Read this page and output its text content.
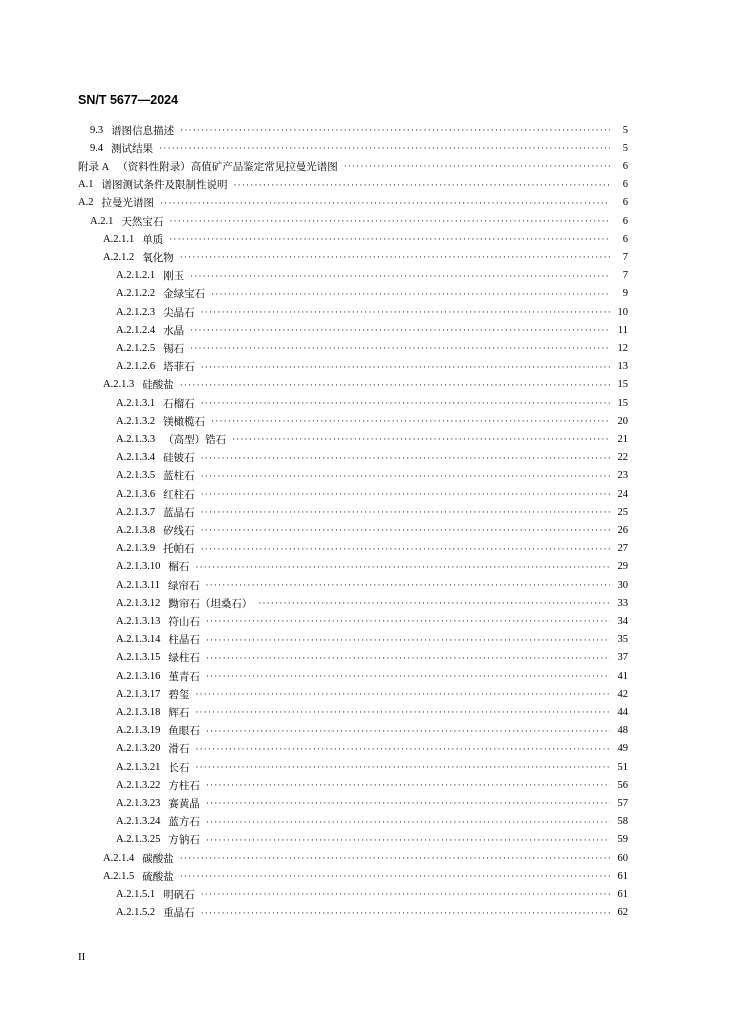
SN/T 5677—2024
9.3 谱图信息描述 ·····	5
9.4 测试结果 ·····	5
附录 A （资料性附录）高值矿产品鉴定常见拉曼光谱图 ·····	6
A.1 谱图测试条件及限制性说明 ·····	6
A.2 拉曼光谱图 ·····	6
A.2.1 天然宝石 ·····	6
A.2.1.1 单质 ·····	6
A.2.1.2 氧化物 ·····	7
A.2.1.2.1 刚玉 ·····	7
A.2.1.2.2 金绿宝石 ·····	9
A.2.1.2.3 尖晶石 ·····	10
A.2.1.2.4 水晶 ·····	11
A.2.1.2.5 锡石 ·····	12
A.2.1.2.6 塔菲石 ·····	13
A.2.1.3 硅酸盐 ·····	15
A.2.1.3.1 石榴石 ·····	15
A.2.1.3.2 镁橄榄石 ·····	20
A.2.1.3.3 （高型）锆石 ·····	21
A.2.1.3.4 硅铍石 ·····	22
A.2.1.3.5 蓝柱石 ·····	23
A.2.1.3.6 红柱石 ·····	24
A.2.1.3.7 蓝晶石 ·····	25
A.2.1.3.8 矽线石 ·····	26
A.2.1.3.9 托帕石 ·····	27
A.2.1.3.10 榍石 ·····	29
A.2.1.3.11 绿帘石 ·····	30
A.2.1.3.12 黝帘石（坦桑石） ·····	33
A.2.1.3.13 符山石 ·····	34
A.2.1.3.14 柱晶石 ·····	35
A.2.1.3.15 绿柱石 ·····	37
A.2.1.3.16 堇青石 ·····	41
A.2.1.3.17 碧玺 ·····	42
A.2.1.3.18 辉石 ·····	44
A.2.1.3.19 鱼眼石 ·····	48
A.2.1.3.20 滑石 ·····	49
A.2.1.3.21 长石 ·····	51
A.2.1.3.22 方柱石 ·····	56
A.2.1.3.23 赛黄晶 ·····	57
A.2.1.3.24 蓝方石 ·····	58
A.2.1.3.25 方钠石 ·····	59
A.2.1.4 碳酸盐 ·····	60
A.2.1.5 硫酸盐 ·····	61
A.2.1.5.1 明矾石 ·····	61
A.2.1.5.2 重晶石 ·····	62
II
